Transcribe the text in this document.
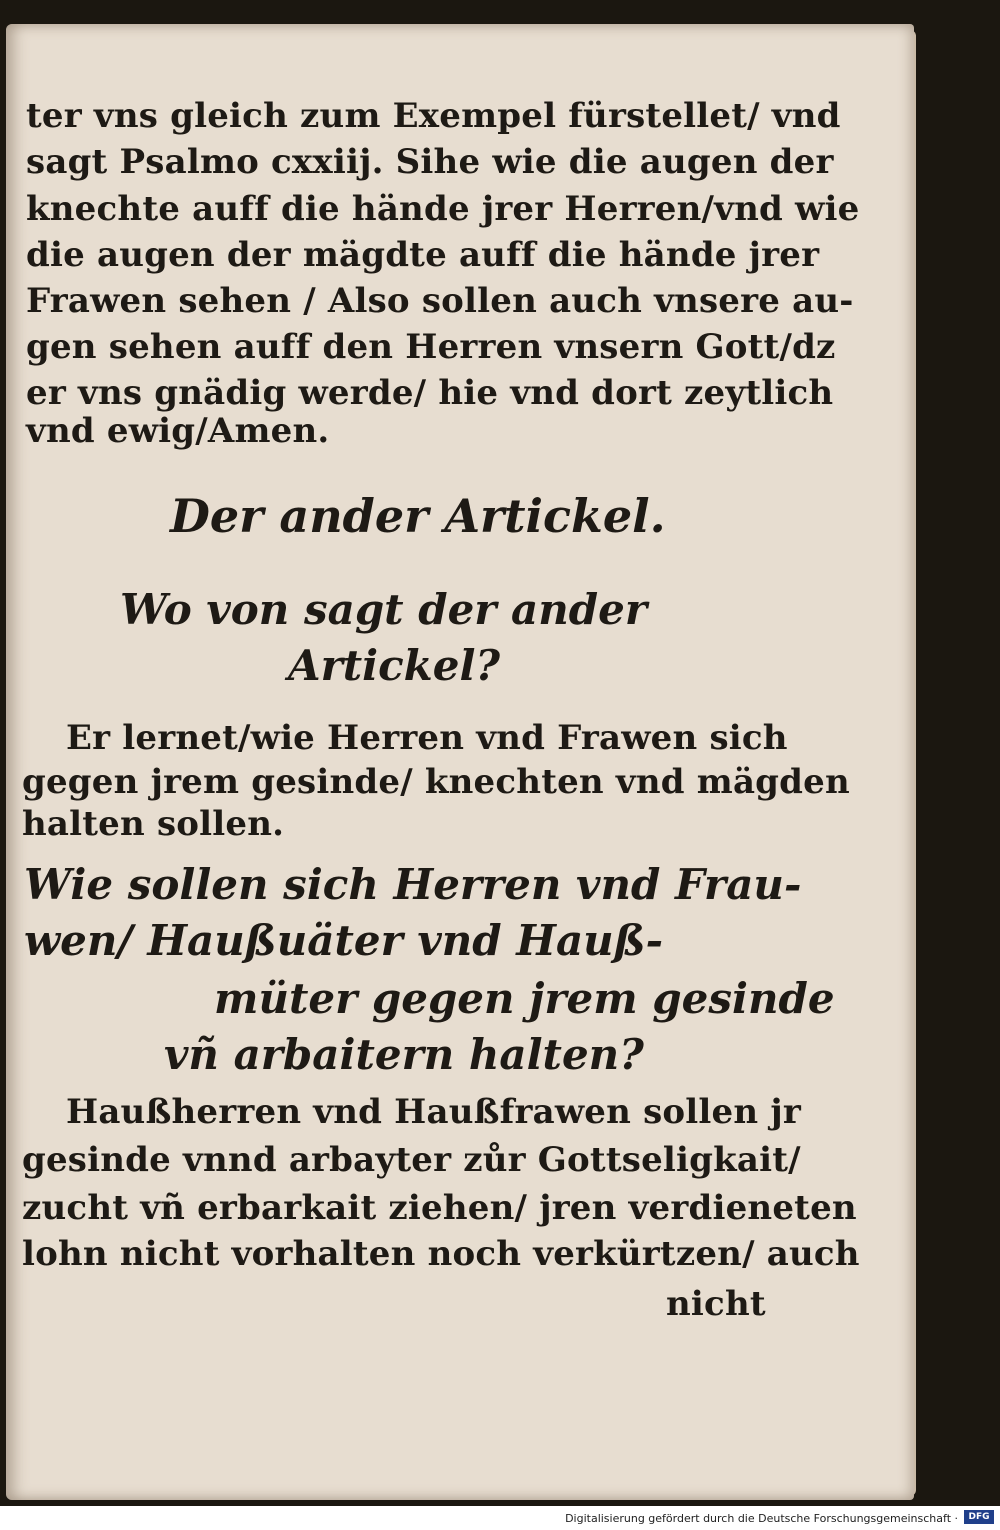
ter vns gleich zum Exempel fürstellet/ vnd
sagt Psalmo cxxiij. Sihe wie die augen der
knechte auff die hände jrer Herren/vnd wie
die augen der mägdte auff die hände jrer
Frawen sehen / Also sollen auch vnsere au-
gen sehen auff den Herren vnsern Gott/dz
er vns gnädig werde/ hie vnd dort zeytlich
vnd ewig/Amen.
Der ander Artickel.
Wo von sagt der ander
Artickel?
Er lernet/wie Herren vnd Frawen sich
gegen jrem gesinde/ knechten vnd mägden
halten sollen.
Wie sollen sich Herren vnd Frau-
wen/ Haußuäter vnd Hauß-
müter gegen jrem gesinde
vñ arbaitern halten?
Haußherren vnd Haußfrawen sollen jr
gesinde vnnd arbayter zůr Gottseligkait/
zucht vñ erbarkait ziehen/ jren verdieneten
lohn nicht vorhalten noch verkürtzen/ auch
nicht
Digitalisierung gefördert durch die Deutsche Forschungsgemeinschaft ·	DFG
